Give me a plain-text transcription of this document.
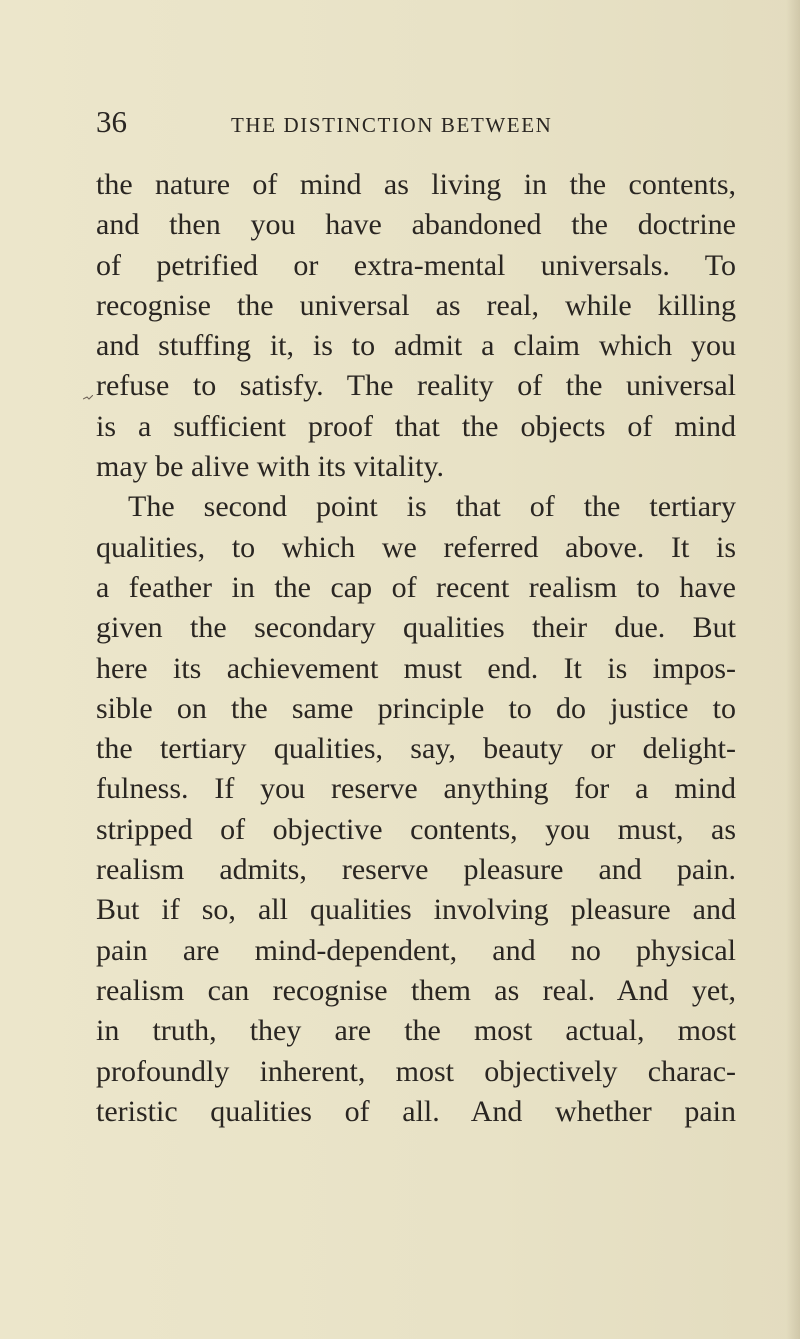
36	THE DISTINCTION BETWEEN
the nature of mind as living in the contents,
and then you have abandoned the doctrine
of petrified or extra-mental universals. To
recognise the universal as real, while killing
and stuffing it, is to admit a claim which you
refuse to satisfy. The reality of the universal
is a sufficient proof that the objects of mind
may be alive with its vitality.
The second point is that of the tertiary
qualities, to which we referred above. It is
a feather in the cap of recent realism to have
given the secondary qualities their due. But
here its achievement must end. It is impos-
sible on the same principle to do justice to
the tertiary qualities, say, beauty or delight-
fulness. If you reserve anything for a mind
stripped of objective contents, you must, as
realism admits, reserve pleasure and pain.
But if so, all qualities involving pleasure and
pain are mind-dependent, and no physical
realism can recognise them as real. And yet,
in truth, they are the most actual, most
profoundly inherent, most objectively charac-
teristic qualities of all. And whether pain
